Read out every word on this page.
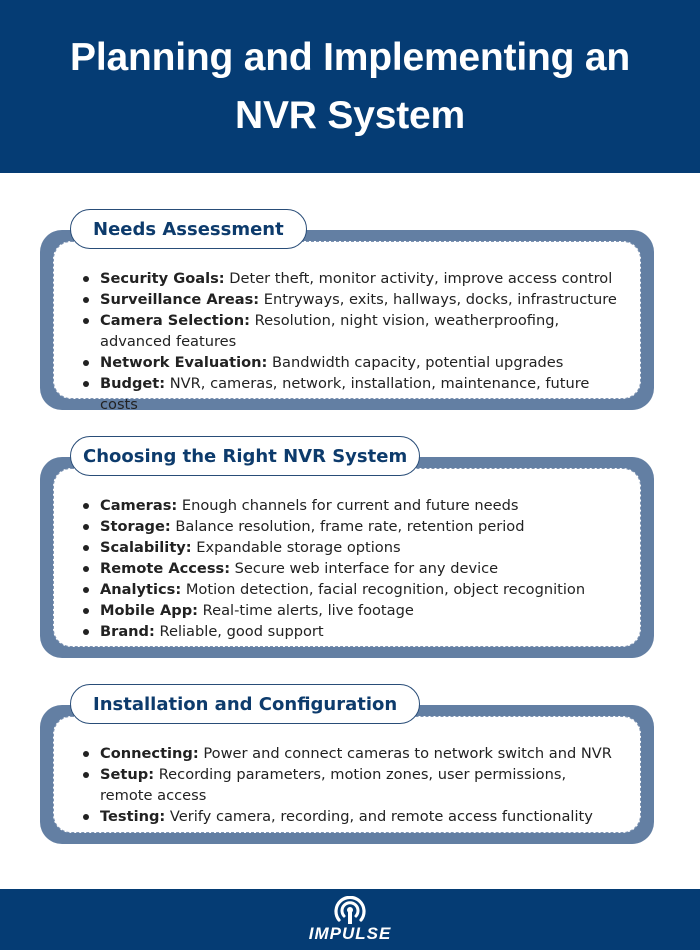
Planning and Implementing an NVR System
Security Goals: Deter theft, monitor activity, improve access control
Surveillance Areas: Entryways, exits, hallways, docks, infrastructure
Camera Selection: Resolution, night vision, weatherproofing, advanced features
Network Evaluation: Bandwidth capacity, potential upgrades
Budget: NVR, cameras, network, installation, maintenance, future costs
Needs Assessment
Cameras: Enough channels for current and future needs
Storage: Balance resolution, frame rate, retention period
Scalability: Expandable storage options
Remote Access: Secure web interface for any device
Analytics: Motion detection, facial recognition, object recognition
Mobile App: Real-time alerts, live footage
Brand: Reliable, good support
Choosing the Right NVR System
Connecting: Power and connect cameras to network switch and NVR
Setup: Recording parameters, motion zones, user permissions, remote access
Testing: Verify camera, recording, and remote access functionality
Installation and Configuration
IMPULSE
